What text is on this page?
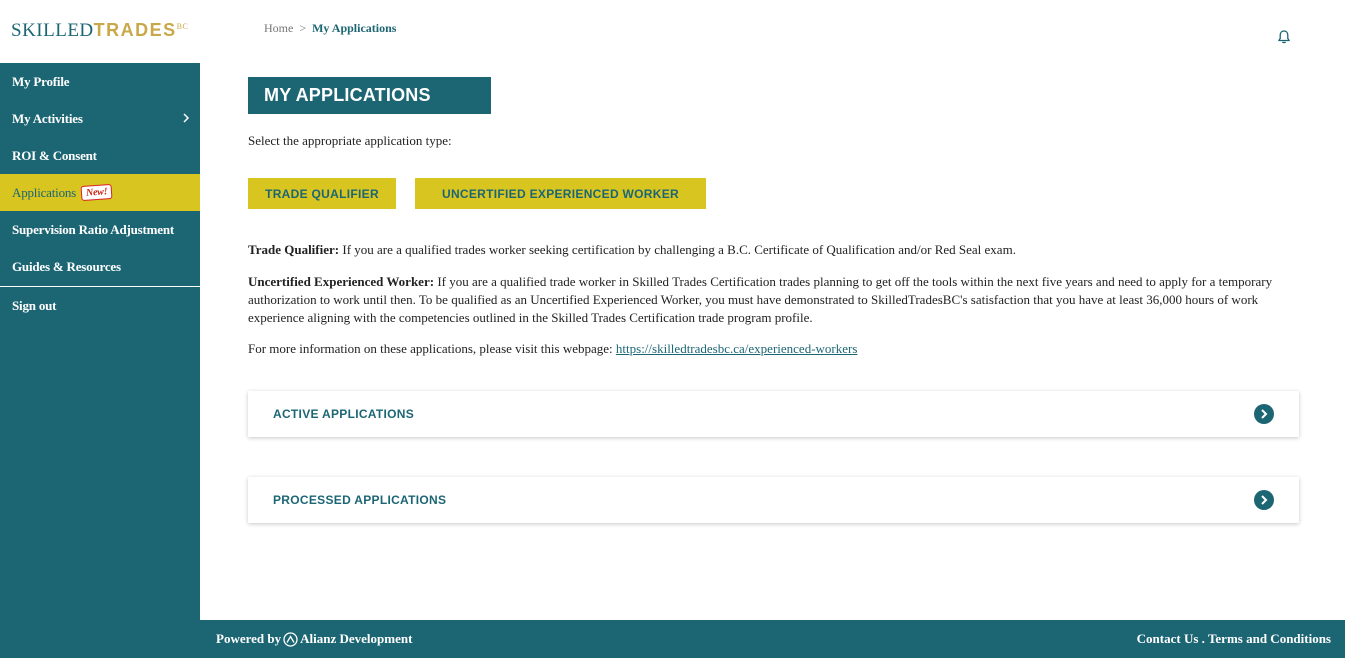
$SKILLEDTRADES^{BC}$
My Profile
My Activities
ROI & Consent
Applications New!
Supervision Ratio Adjustment
Guides & Resources
Sign out
Home > My Applications
MY APPLICATIONS

Select the appropriate application type:

TRADE QUALIFIER	UNCERTIFIED EXPERIENCED WORKER

Trade Qualifier: If you are a qualified trades worker seeking certification by challenging a B.C. Certificate of Qualification and/or Red Seal exam.

Uncertified Experienced Worker: If you are a qualified trade worker in Skilled Trades Certification trades planning to get off the tools within the next five years and need to apply for a temporary authorization to work until then. To be qualified as an Uncertified Experienced Worker, you must have demonstrated to SkilledTradesBC's satisfaction that you have at least 36,000 hours of work experience aligning with the competencies outlined in the Skilled Trades Certification trade program profile.

For more information on these applications, please visit this webpage: https://skilledtradesbc.ca/experienced-workers

ACTIVE APPLICATIONS
PROCESSED APPLICATIONS
Powered by Alianz Development	Contact Us . Terms and Conditions
